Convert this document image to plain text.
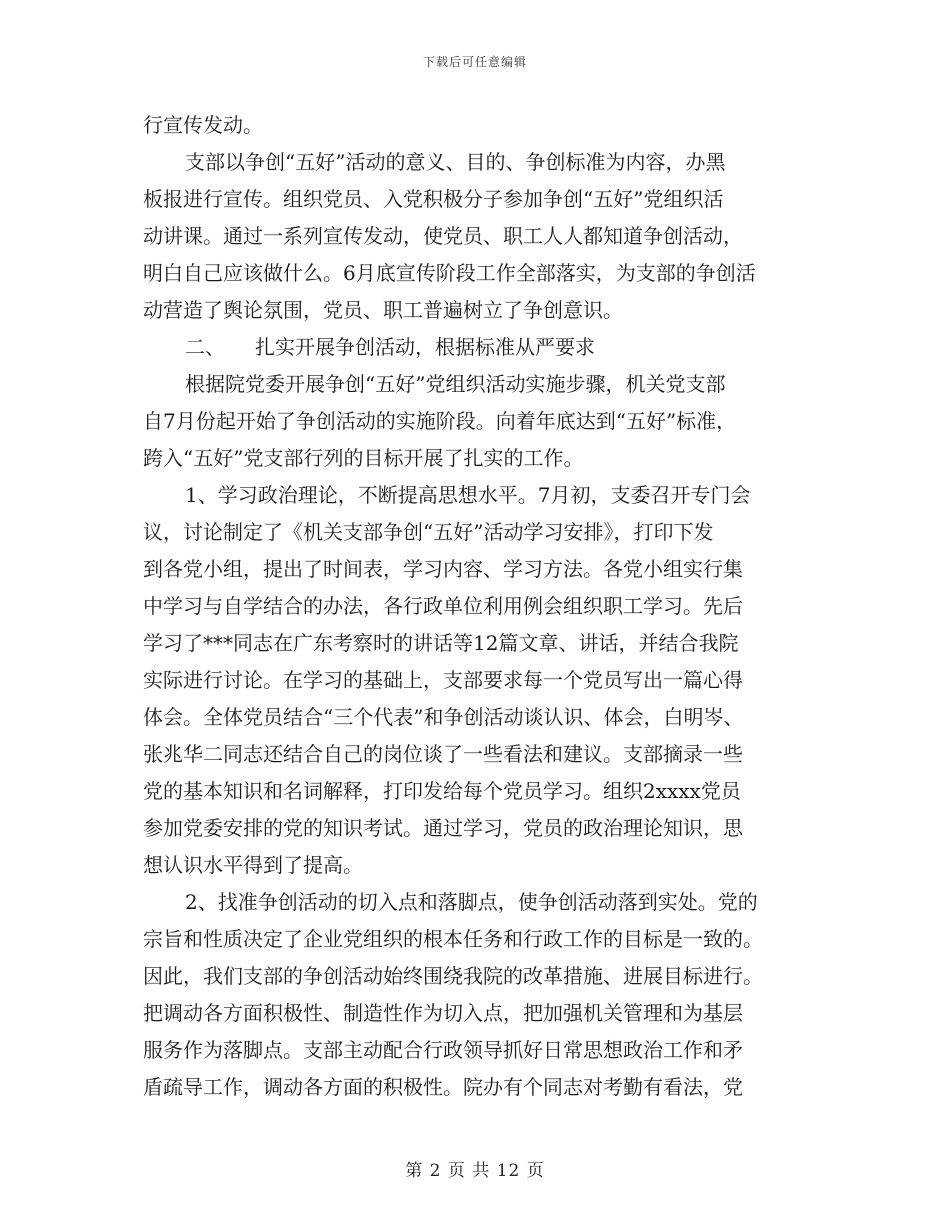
下载后可任意编辑
行宣传发动。
支部以争创“五好”活动的意义、目的、争创标准为内容，办黑
板报进行宣传。组织党员、入党积极分子参加争创“五好”党组织活
动讲课。通过一系列宣传发动，使党员、职工人人都知道争创活动，
明白自己应该做什么。6月底宣传阶段工作全部落实，为支部的争创活
动营造了舆论氛围，党员、职工普遍树立了争创意识。
二、　　扎实开展争创活动，根据标准从严要求
根据院党委开展争创“五好”党组织活动实施步骤，机关党支部
自7月份起开始了争创活动的实施阶段。向着年底达到“五好”标准，
跨入“五好”党支部行列的目标开展了扎实的工作。
1、学习政治理论，不断提高思想水平。7月初，支委召开专门会
议，讨论制定了《机关支部争创“五好”活动学习安排》，打印下发
到各党小组，提出了时间表，学习内容、学习方法。各党小组实行集
中学习与自学结合的办法，各行政单位利用例会组织职工学习。先后
学习了***同志在广东考察时的讲话等12篇文章、讲话，并结合我院
实际进行讨论。在学习的基础上，支部要求每一个党员写出一篇心得
体会。全体党员结合“三个代表”和争创活动谈认识、体会，白明岑、
张兆华二同志还结合自己的岗位谈了一些看法和建议。支部摘录一些
党的基本知识和名词解释，打印发给每个党员学习。组织2xxxx党员
参加党委安排的党的知识考试。通过学习，党员的政治理论知识，思
想认识水平得到了提高。
2、找准争创活动的切入点和落脚点，使争创活动落到实处。党的
宗旨和性质决定了企业党组织的根本任务和行政工作的目标是一致的。
因此，我们支部的争创活动始终围绕我院的改革措施、进展目标进行。
把调动各方面积极性、制造性作为切入点，把加强机关管理和为基层
服务作为落脚点。支部主动配合行政领导抓好日常思想政治工作和矛
盾疏导工作，调动各方面的积极性。院办有个同志对考勤有看法，党
第 2 页 共 12 页
